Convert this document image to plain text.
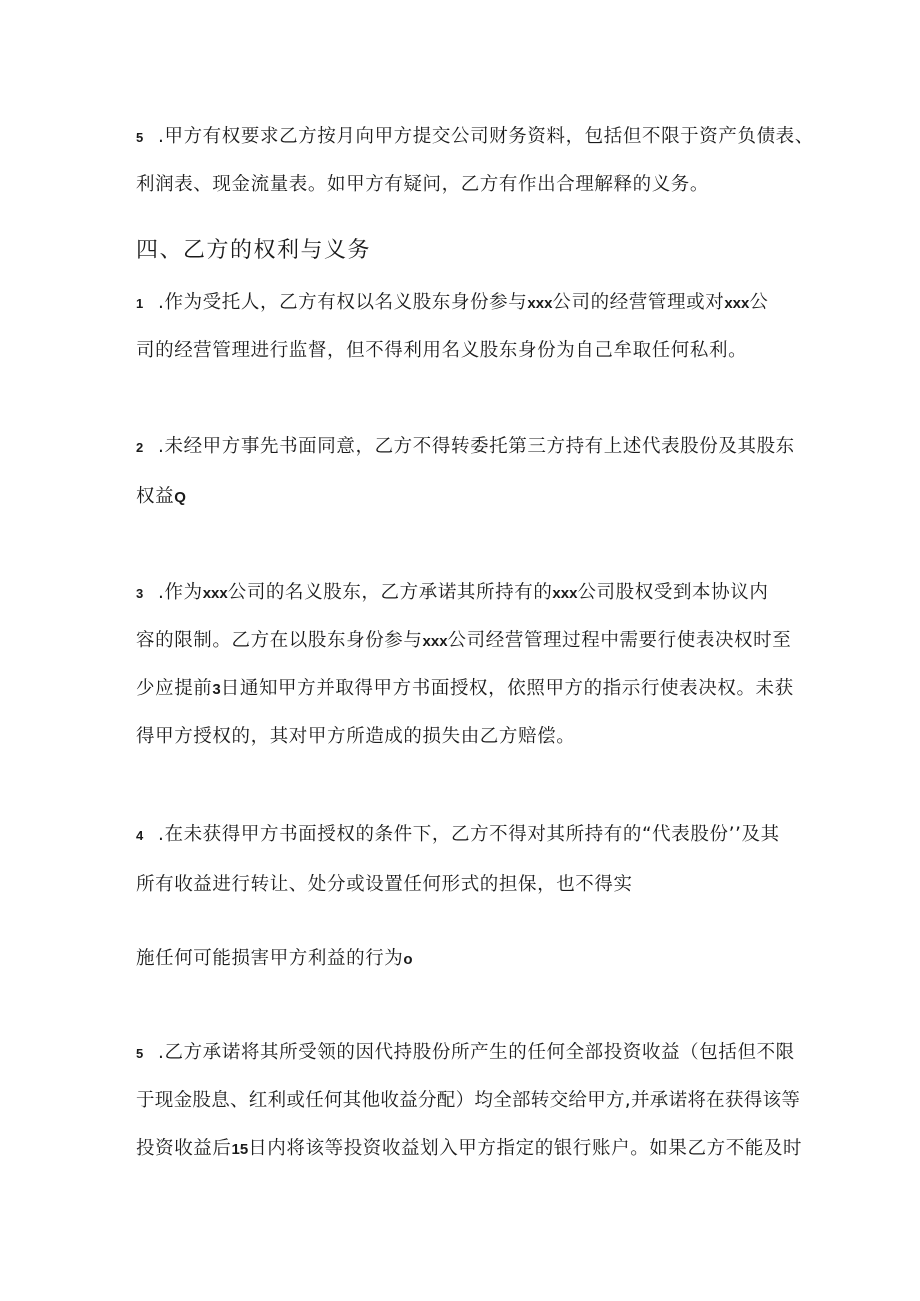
5 .甲方有权要求乙方按月向甲方提交公司财务资料，包括但不限于资产负债表、
利润表、现金流量表。如甲方有疑问，乙方有作出合理解释的义务。
四、乙方的权利与义务
1 .作为受托人，乙方有权以名义股东身份参与xxx公司的经营管理或对xxx公
司的经营管理进行监督，但不得利用名义股东身份为自己牟取任何私利。
2 .未经甲方事先书面同意，乙方不得转委托第三方持有上述代表股份及其股东
权益Q
3 .作为xxx公司的名义股东，乙方承诺其所持有的xxx公司股权受到本协议内
容的限制。乙方在以股东身份参与xxx公司经营管理过程中需要行使表决权时至
少应提前3日通知甲方并取得甲方书面授权，依照甲方的指示行使表决权。未获
得甲方授权的，其对甲方所造成的损失由乙方赔偿。
4 .在未获得甲方书面授权的条件下，乙方不得对其所持有的“代表股份’’及其
所有收益进行转让、处分或设置任何形式的担保，也不得实
施任何可能损害甲方利益的行为o
5 .乙方承诺将其所受领的因代持股份所产生的任何全部投资收益（包括但不限
于现金股息、红利或任何其他收益分配）均全部转交给甲方,并承诺将在获得该等
投资收益后15日内将该等投资收益划入甲方指定的银行账户。如果乙方不能及时
